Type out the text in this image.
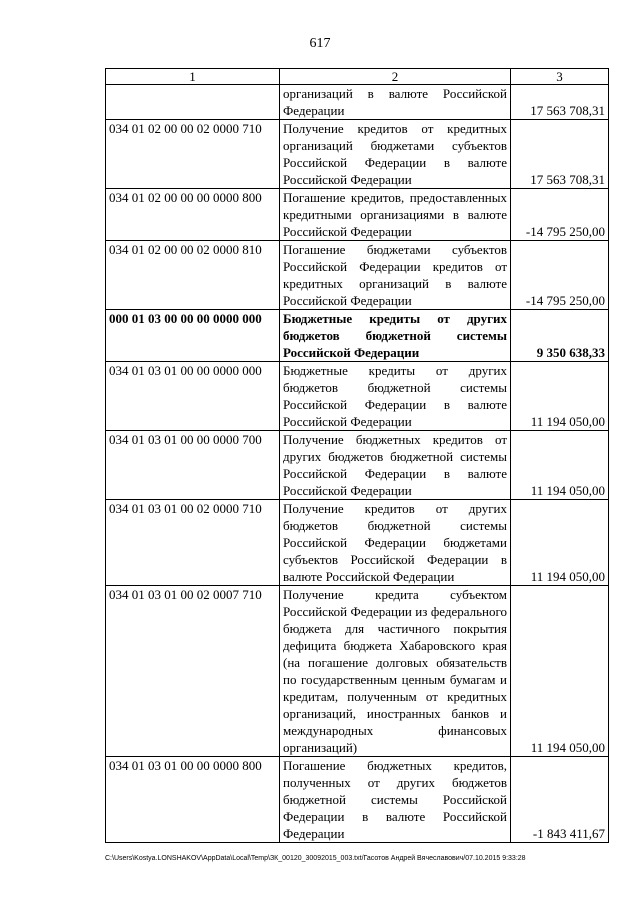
617
1	2	3
	организаций в валюте Российской Федерации	17 563 708,31
034 01 02 00 00 02 0000 710	Получение кредитов от кредитных организаций бюджетами субъектов Российской Федерации в валюте Российской Федерации	17 563 708,31
034 01 02 00 00 00 0000 800	Погашение кредитов, предоставленных кредитными организациями в валюте Российской Федерации	-14 795 250,00
034 01 02 00 00 02 0000 810	Погашение бюджетами субъектов Российской Федерации кредитов от кредитных организаций в валюте Российской Федерации	-14 795 250,00
000 01 03 00 00 00 0000 000	Бюджетные кредиты от других бюджетов бюджетной системы Российской Федерации	9 350 638,33
034 01 03 01 00 00 0000 000	Бюджетные кредиты от других бюджетов бюджетной системы Российской Федерации в валюте Российской Федерации	11 194 050,00
034 01 03 01 00 00 0000 700	Получение бюджетных кредитов от других бюджетов бюджетной системы Российской Федерации в валюте Российской Федерации	11 194 050,00
034 01 03 01 00 02 0000 710	Получение кредитов от других бюджетов бюджетной системы Российской Федерации бюджетами субъектов Российской Федерации в валюте Российской Федерации	11 194 050,00
034 01 03 01 00 02 0007 710	Получение кредита субъектом Российской Федерации из федерального бюджета для частичного покрытия дефицита бюджета Хабаровского края (на погашение долговых обязательств по государственным ценным бумагам и кредитам, полученным от кредитных организаций, иностранных банков и международных финансовых организаций)	11 194 050,00
034 01 03 01 00 00 0000 800	Погашение бюджетных кредитов, полученных от других бюджетов бюджетной системы Российской Федерации в валюте Российской Федерации	-1 843 411,67
C:\Users\Kostya.LONSHAKOV\AppData\Local\Temp\ЗК_00120_30092015_003.txt/Гасотов Андрей Вячеславович/07.10.2015 9:33:28
